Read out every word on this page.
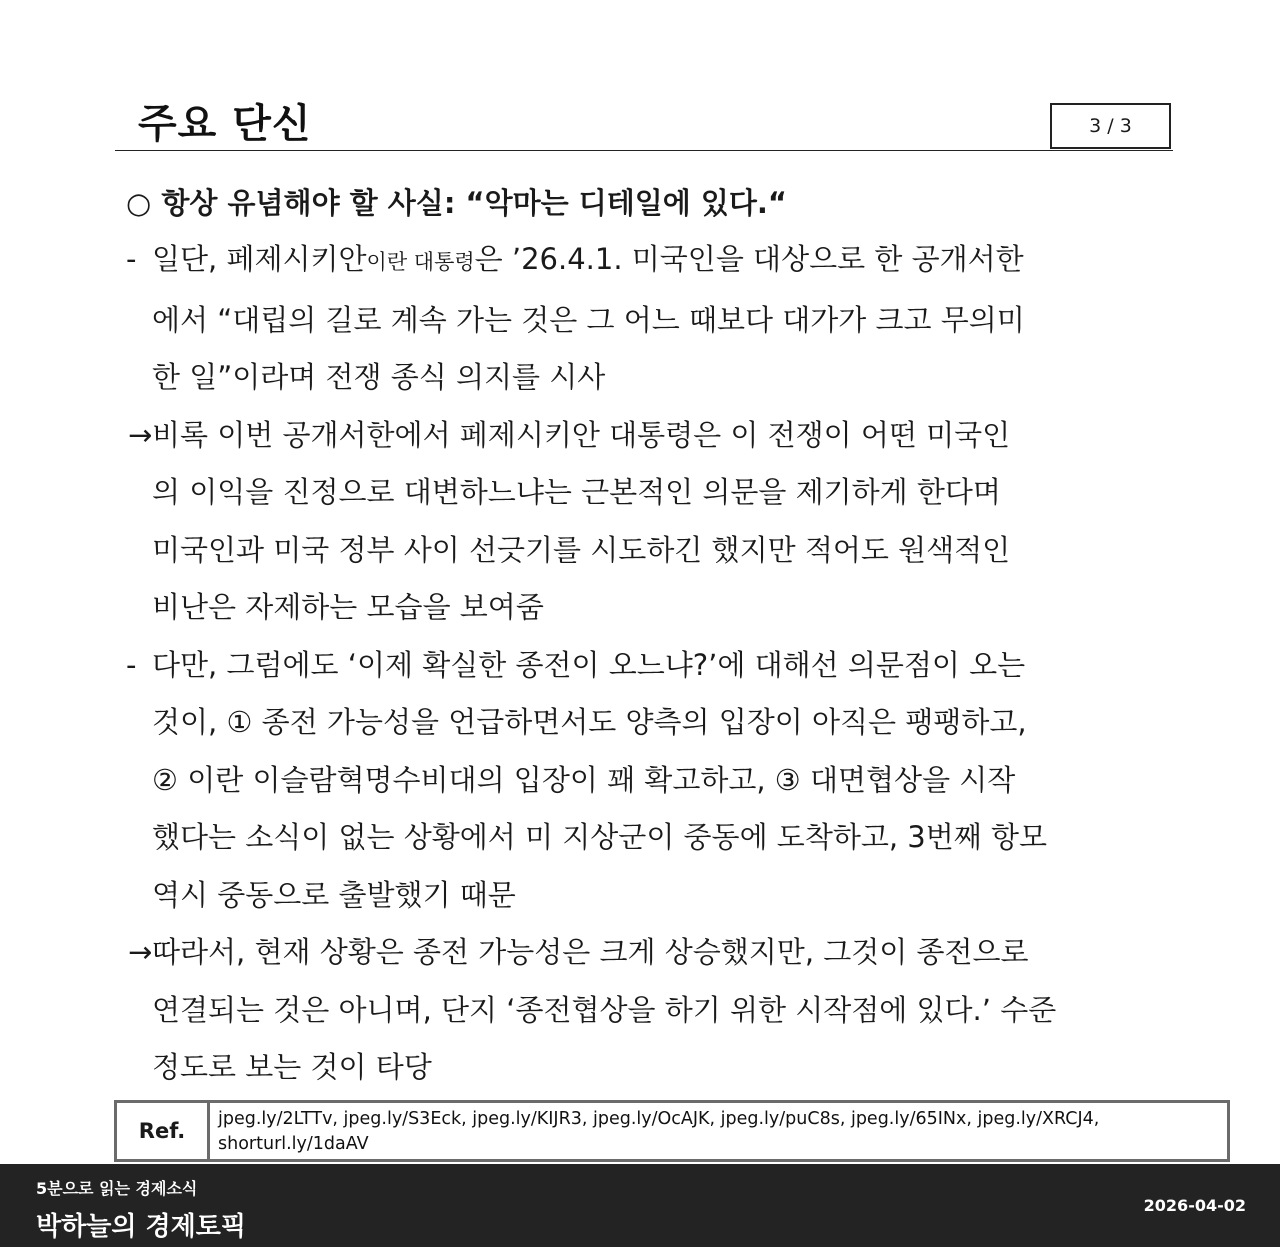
주요 단신	3 / 3
○ 항상 유념해야 할 사실: “악마는 디테일에 있다.“
- 일단, 페제시키안이란 대통령은 ’26.4.1. 미국인을 대상으로 한 공개서한
에서 “대립의 길로 계속 가는 것은 그 어느 때보다 대가가 크고 무의미
한 일”이라며 전쟁 종식 의지를 시사
→ 비록 이번 공개서한에서 페제시키안 대통령은 이 전쟁이 어떤 미국인
의 이익을 진정으로 대변하느냐는 근본적인 의문을 제기하게 한다며
미국인과 미국 정부 사이 선긋기를 시도하긴 했지만 적어도 원색적인
비난은 자제하는 모습을 보여줌
- 다만, 그럼에도 ‘이제 확실한 종전이 오느냐?’에 대해선 의문점이 오는
것이, ① 종전 가능성을 언급하면서도 양측의 입장이 아직은 팽팽하고,
② 이란 이슬람혁명수비대의 입장이 꽤 확고하고, ③ 대면협상을 시작
했다는 소식이 없는 상황에서 미 지상군이 중동에 도착하고, 3번째 항모
역시 중동으로 출발했기 때문
→ 따라서, 현재 상황은 종전 가능성은 크게 상승했지만, 그것이 종전으로
연결되는 것은 아니며, 단지 ‘종전협상을 하기 위한 시작점에 있다.’ 수준
정도로 보는 것이 타당
Ref.	jpeg.ly/2LTTv, jpeg.ly/S3Eck, jpeg.ly/KIJR3, jpeg.ly/OcAJK, jpeg.ly/puC8s, jpeg.ly/65INx, jpeg.ly/XRCJ4,
shorturl.ly/1daAV
5분으로 읽는 경제소식
박하늘의 경제토픽
2026-04-02
